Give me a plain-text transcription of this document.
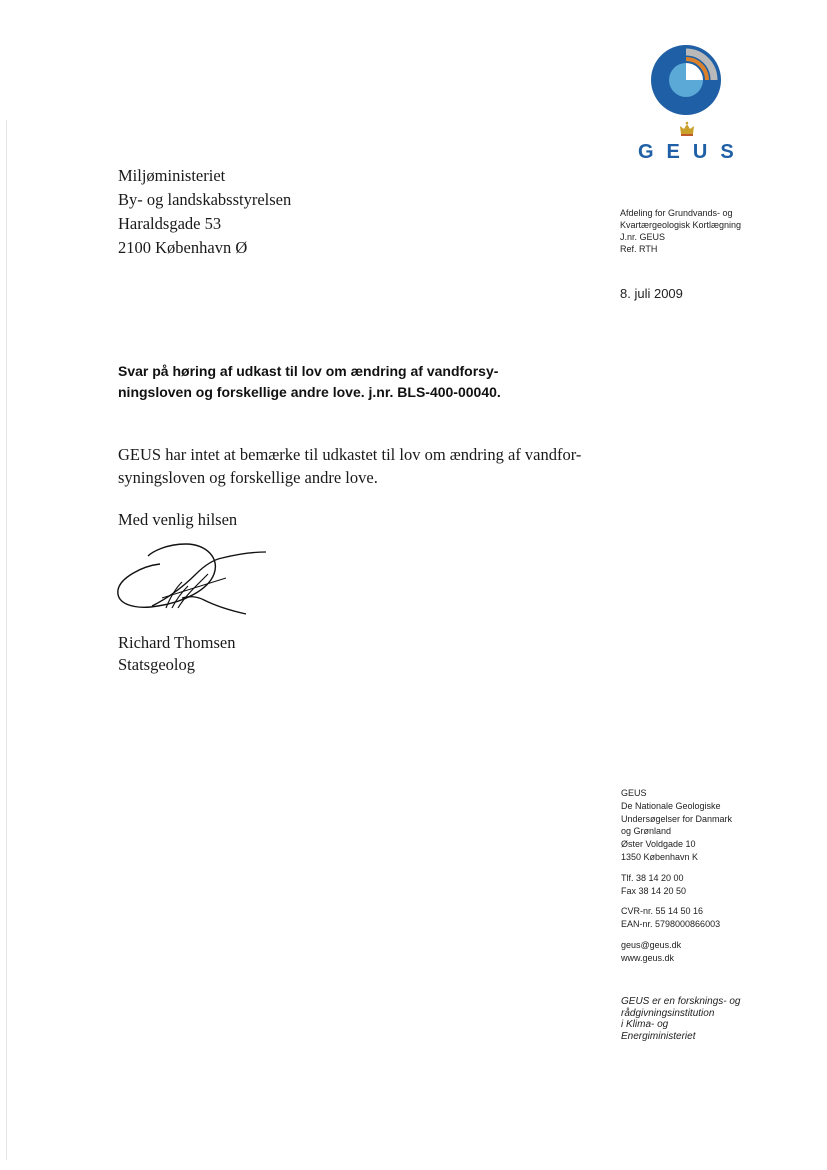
GEUS
Miljøministeriet
By- og landskabsstyrelsen
Haraldsgade 53
2100 København Ø
Afdeling for Grundvands- og
Kvartærgeologisk Kortlægning
J.nr. GEUS
Ref. RTH
8. juli 2009
Svar på høring af udkast til lov om ændring af vandforsy-
ningsloven og forskellige andre love. j.nr. BLS-400-00040.
GEUS har intet at bemærke til udkastet til lov om ændring af vandfor-
syningsloven og forskellige andre love.
Med venlig hilsen
Richard Thomsen
Statsgeolog
GEUS
De Nationale Geologiske
Undersøgelser for Danmark
og Grønland
Øster Voldgade 10
1350 København K
Tlf. 38 14 20 00
Fax 38 14 20 50
CVR-nr. 55 14 50 16
EAN-nr. 5798000866003
geus@geus.dk
www.geus.dk
GEUS er en forsknings- og
rådgivningsinstitution
i Klima- og
Energiministeriet
